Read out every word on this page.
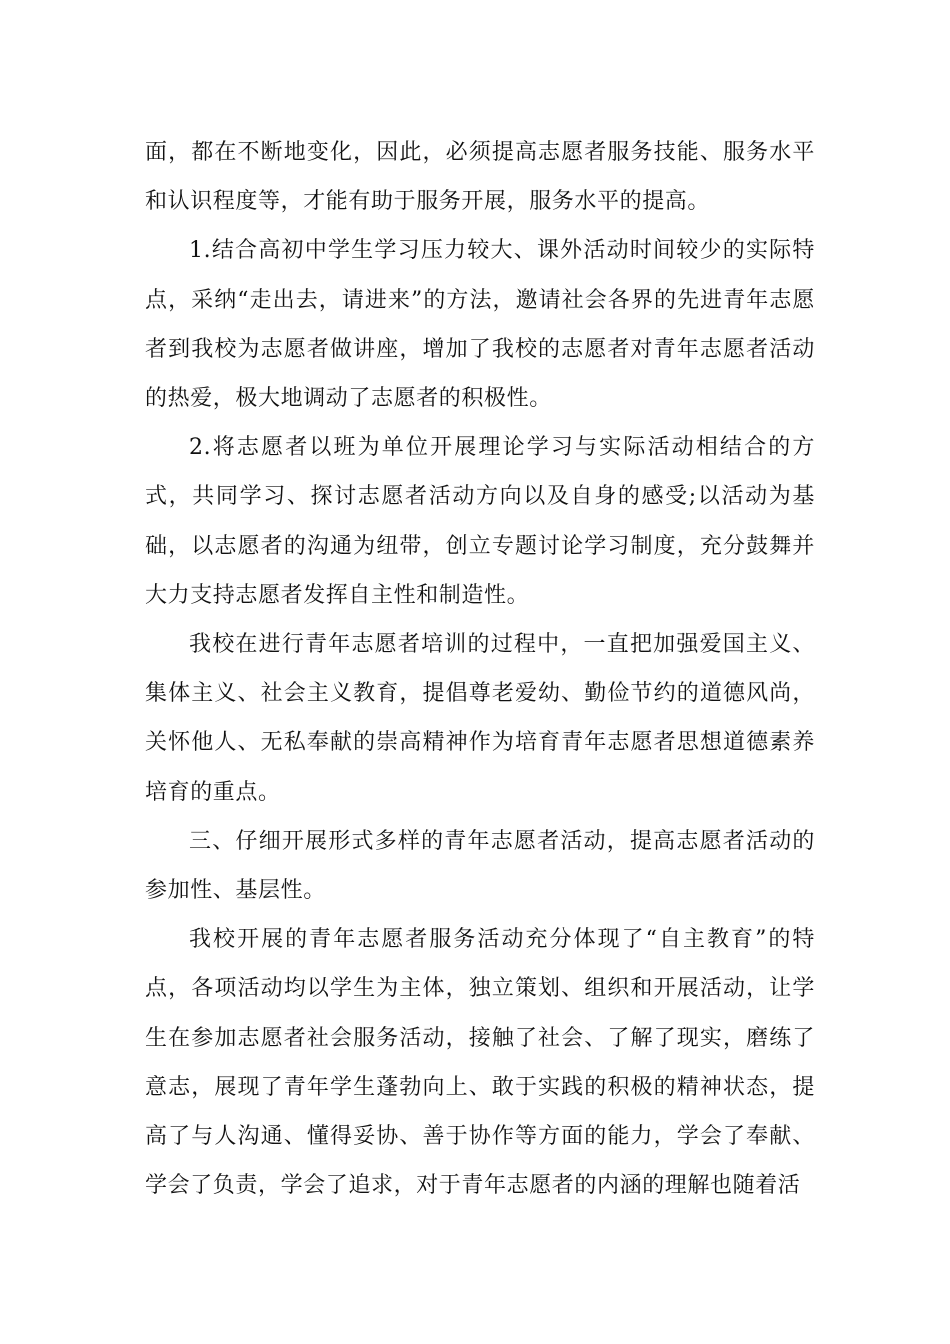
面，都在不断地变化，因此，必须提高志愿者服务技能、服务水平和认识程度等，才能有助于服务开展，服务水平的提高。

1.结合高初中学生学习压力较大、课外活动时间较少的实际特点，采纳“走出去，请进来”的方法，邀请社会各界的先进青年志愿者到我校为志愿者做讲座，增加了我校的志愿者对青年志愿者活动的热爱，极大地调动了志愿者的积极性。

2.将志愿者以班为单位开展理论学习与实际活动相结合的方式，共同学习、探讨志愿者活动方向以及自身的感受;以活动为基础，以志愿者的沟通为纽带，创立专题讨论学习制度，充分鼓舞并大力支持志愿者发挥自主性和制造性。

我校在进行青年志愿者培训的过程中，一直把加强爱国主义、集体主义、社会主义教育，提倡尊老爱幼、勤俭节约的道德风尚，关怀他人、无私奉献的崇高精神作为培育青年志愿者思想道德素养培育的重点。

三、仔细开展形式多样的青年志愿者活动，提高志愿者活动的参加性、基层性。

我校开展的青年志愿者服务活动充分体现了“自主教育”的特点，各项活动均以学生为主体，独立策划、组织和开展活动，让学生在参加志愿者社会服务活动，接触了社会、了解了现实，磨练了意志，展现了青年学生蓬勃向上、敢于实践的积极的精神状态，提高了与人沟通、懂得妥协、善于协作等方面的能力，学会了奉献、学会了负责，学会了追求，对于青年志愿者的内涵的理解也随着活
